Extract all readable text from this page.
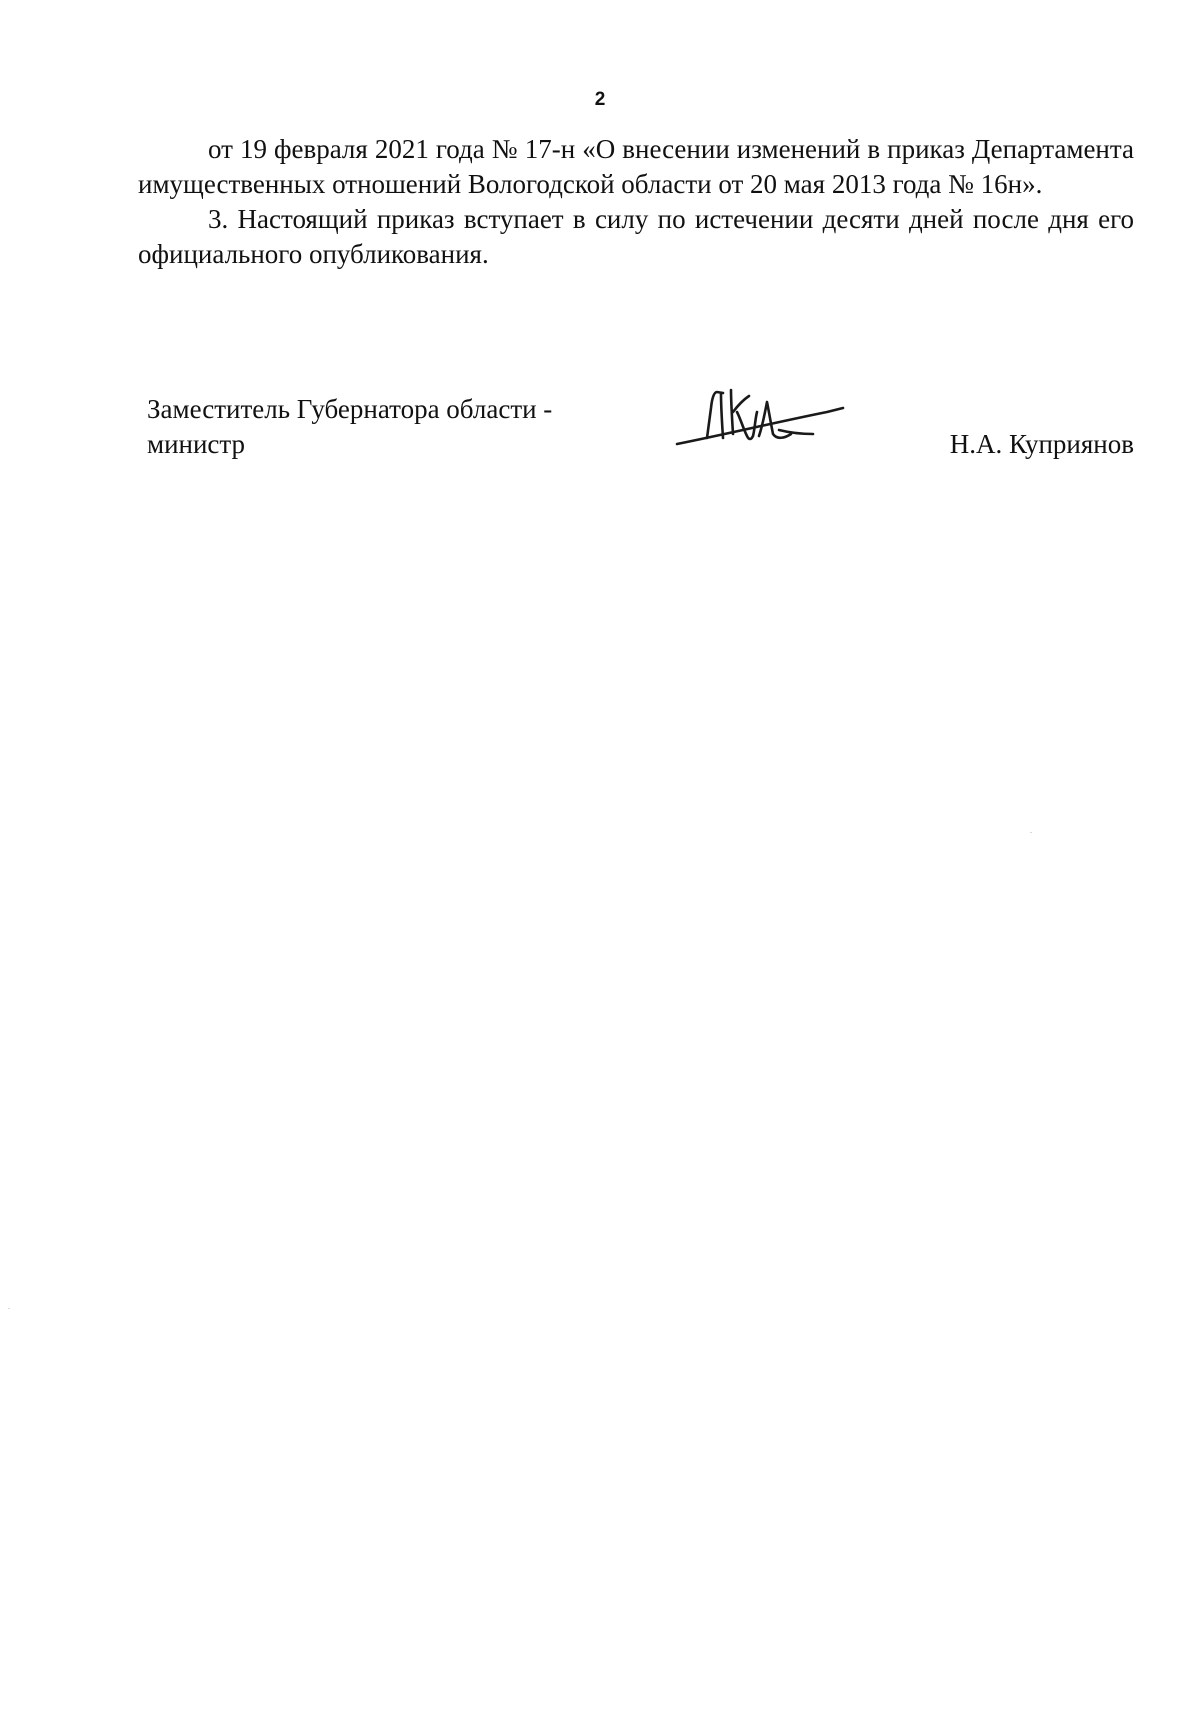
2

от 19 февраля 2021 года № 17-н «О внесении изменений в приказ Департамента имущественных отношений Вологодской области от 20 мая 2013 года № 16н».

3. Настоящий приказ вступает в силу по истечении десяти дней после дня его официального опубликования.

Заместитель Губернатора области -
министр	Н.А. Куприянов
